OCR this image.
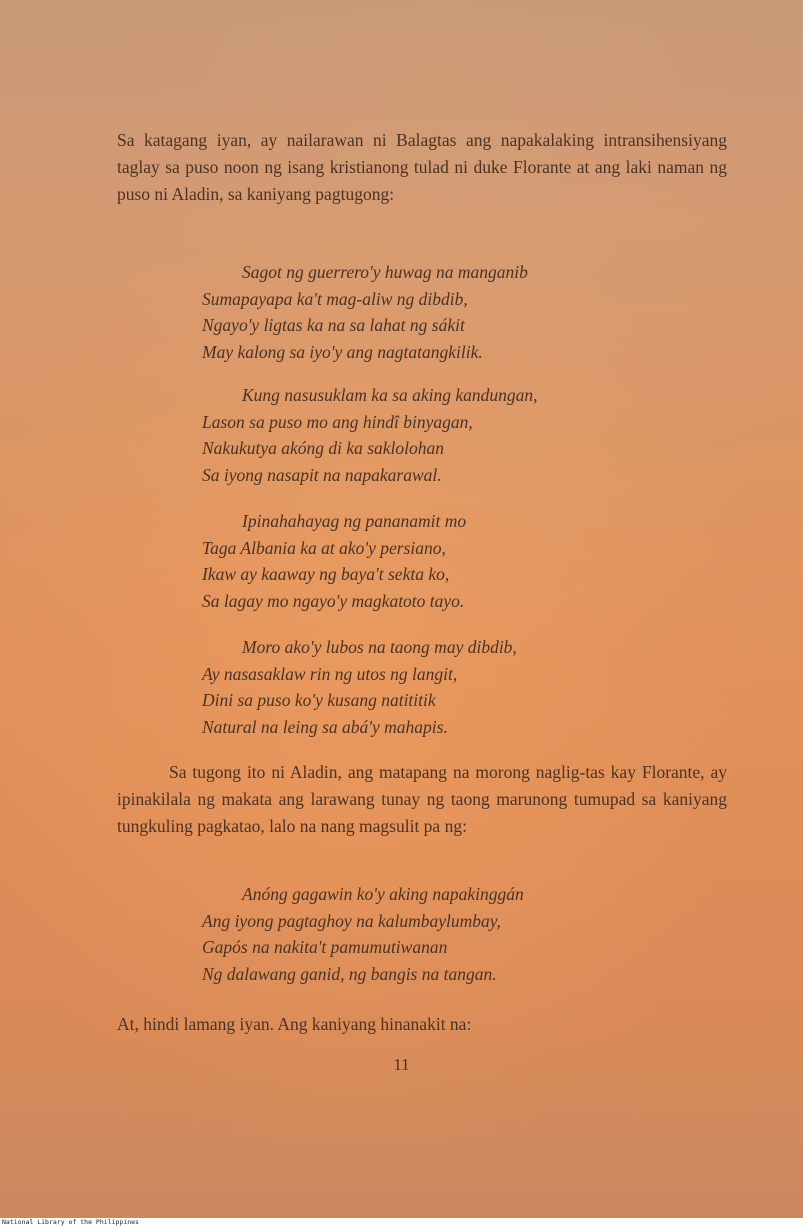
Sa katagang iyan, ay nailarawan ni Balagtas ang napakalaking intransihensiyang taglay sa puso noon ng isang kristianong tulad ni duke Florante at ang laki naman ng puso ni Aladin, sa kaniyang pagtugong:

Sagot ng guerrero'y huwag na manganib
Sumapayapa ka't mag-aliw ng dibdib,
Ngayo'y ligtas ka na sa lahat ng sákit
May kalong sa iyo'y ang nagtatangkilik.
Kung nasusuklam ka sa aking kandungan,
Lason sa puso mo ang hindî binyagan,
Nakukutya akóng di ka saklolohan
Sa iyong nasapit na napakarawal.
Ipinahahayag ng pananamit mo
Taga Albania ka at ako'y persiano,
Ikaw ay kaaway ng baya't sekta ko,
Sa lagay mo ngayo'y magkatoto tayo.
Moro ako'y lubos na taong may dibdib,
Ay nasasaklaw rin ng utos ng langit,
Dini sa puso ko'y kusang natititik
Natural na leing sa abá'y mahapis.

Sa tugong ito ni Aladin, ang matapang na morong naglig-tas kay Florante, ay ipinakilala ng makata ang larawang tunay ng taong marunong tumupad sa kaniyang tungkuling pagkatao, lalo na nang magsulit pa ng:

Anóng gagawin ko'y aking napakinggán
Ang iyong pagtaghoy na kalumbaylumbay,
Gapós na nakita't pamumutiwanan
Ng dalawang ganid, ng bangis na tangan.

At, hindi lamang iyan. Ang kaniyang hinanakit na:

11
National Library of the Philippines
